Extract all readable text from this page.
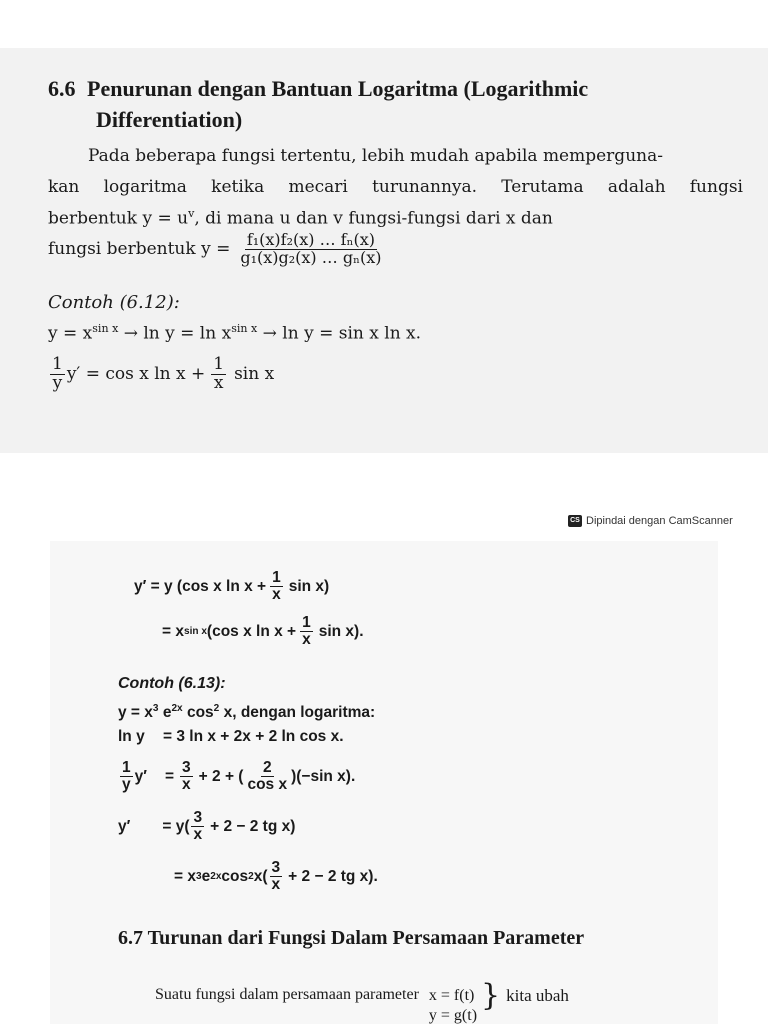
6.6 Penurunan dengan Bantuan Logaritma (Logarithmic
Differentiation)
Pada beberapa fungsi tertentu, lebih mudah apabila memperguna-
kan logaritma ketika mecari turunannya. Terutama adalah fungsi
berbentuk $y = u^v$, di mana u dan v fungsi-fungsi dari x dan
fungsi berbentuk $y = \frac{\text{f₁(x)f₂(x) … fₙ(x)}}{\text{g₁(x)g₂(x) … gₙ(x)}}$
Contoh (6.12):
$y = x^{sin x} \to \ln y = \ln x^{sin x} \to \ln y = \sin x$ ln x.
$\frac{1}{y} y' = \cos x$ $\ln x + \frac{1}{x}$ sin x
CS Dipindai dengan CamScanner
y′ = y (cos x $\ln x + \frac{1}{x}$ sin x)
= x sin x (cos x $\ln x + \frac{1}{x}$ sin x).
Contoh (6.13):
$y = x^3$ $e^{2x}$ $\cos^2 x$, dengan logaritma:
ln y = 3 ln x + 2x + 2 ln cos x.
$\frac{1}{y} y' = \frac{3}{x} + 2$ + ( $\frac{2}{\text{cos x}} )(-\sin$ x).
$y' = y( \frac{3}{x} + 2 - 2$ tg x)
= x 3 e 2x cos 2 $x( \frac{3}{x} + 2 - 2$ tg x).
6.7 Turunan dari Fungsi Dalam Persamaan Parameter
Suatu fungsi dalam persamaan parameter x = f(t)
y = g(t)
} kita ubah
